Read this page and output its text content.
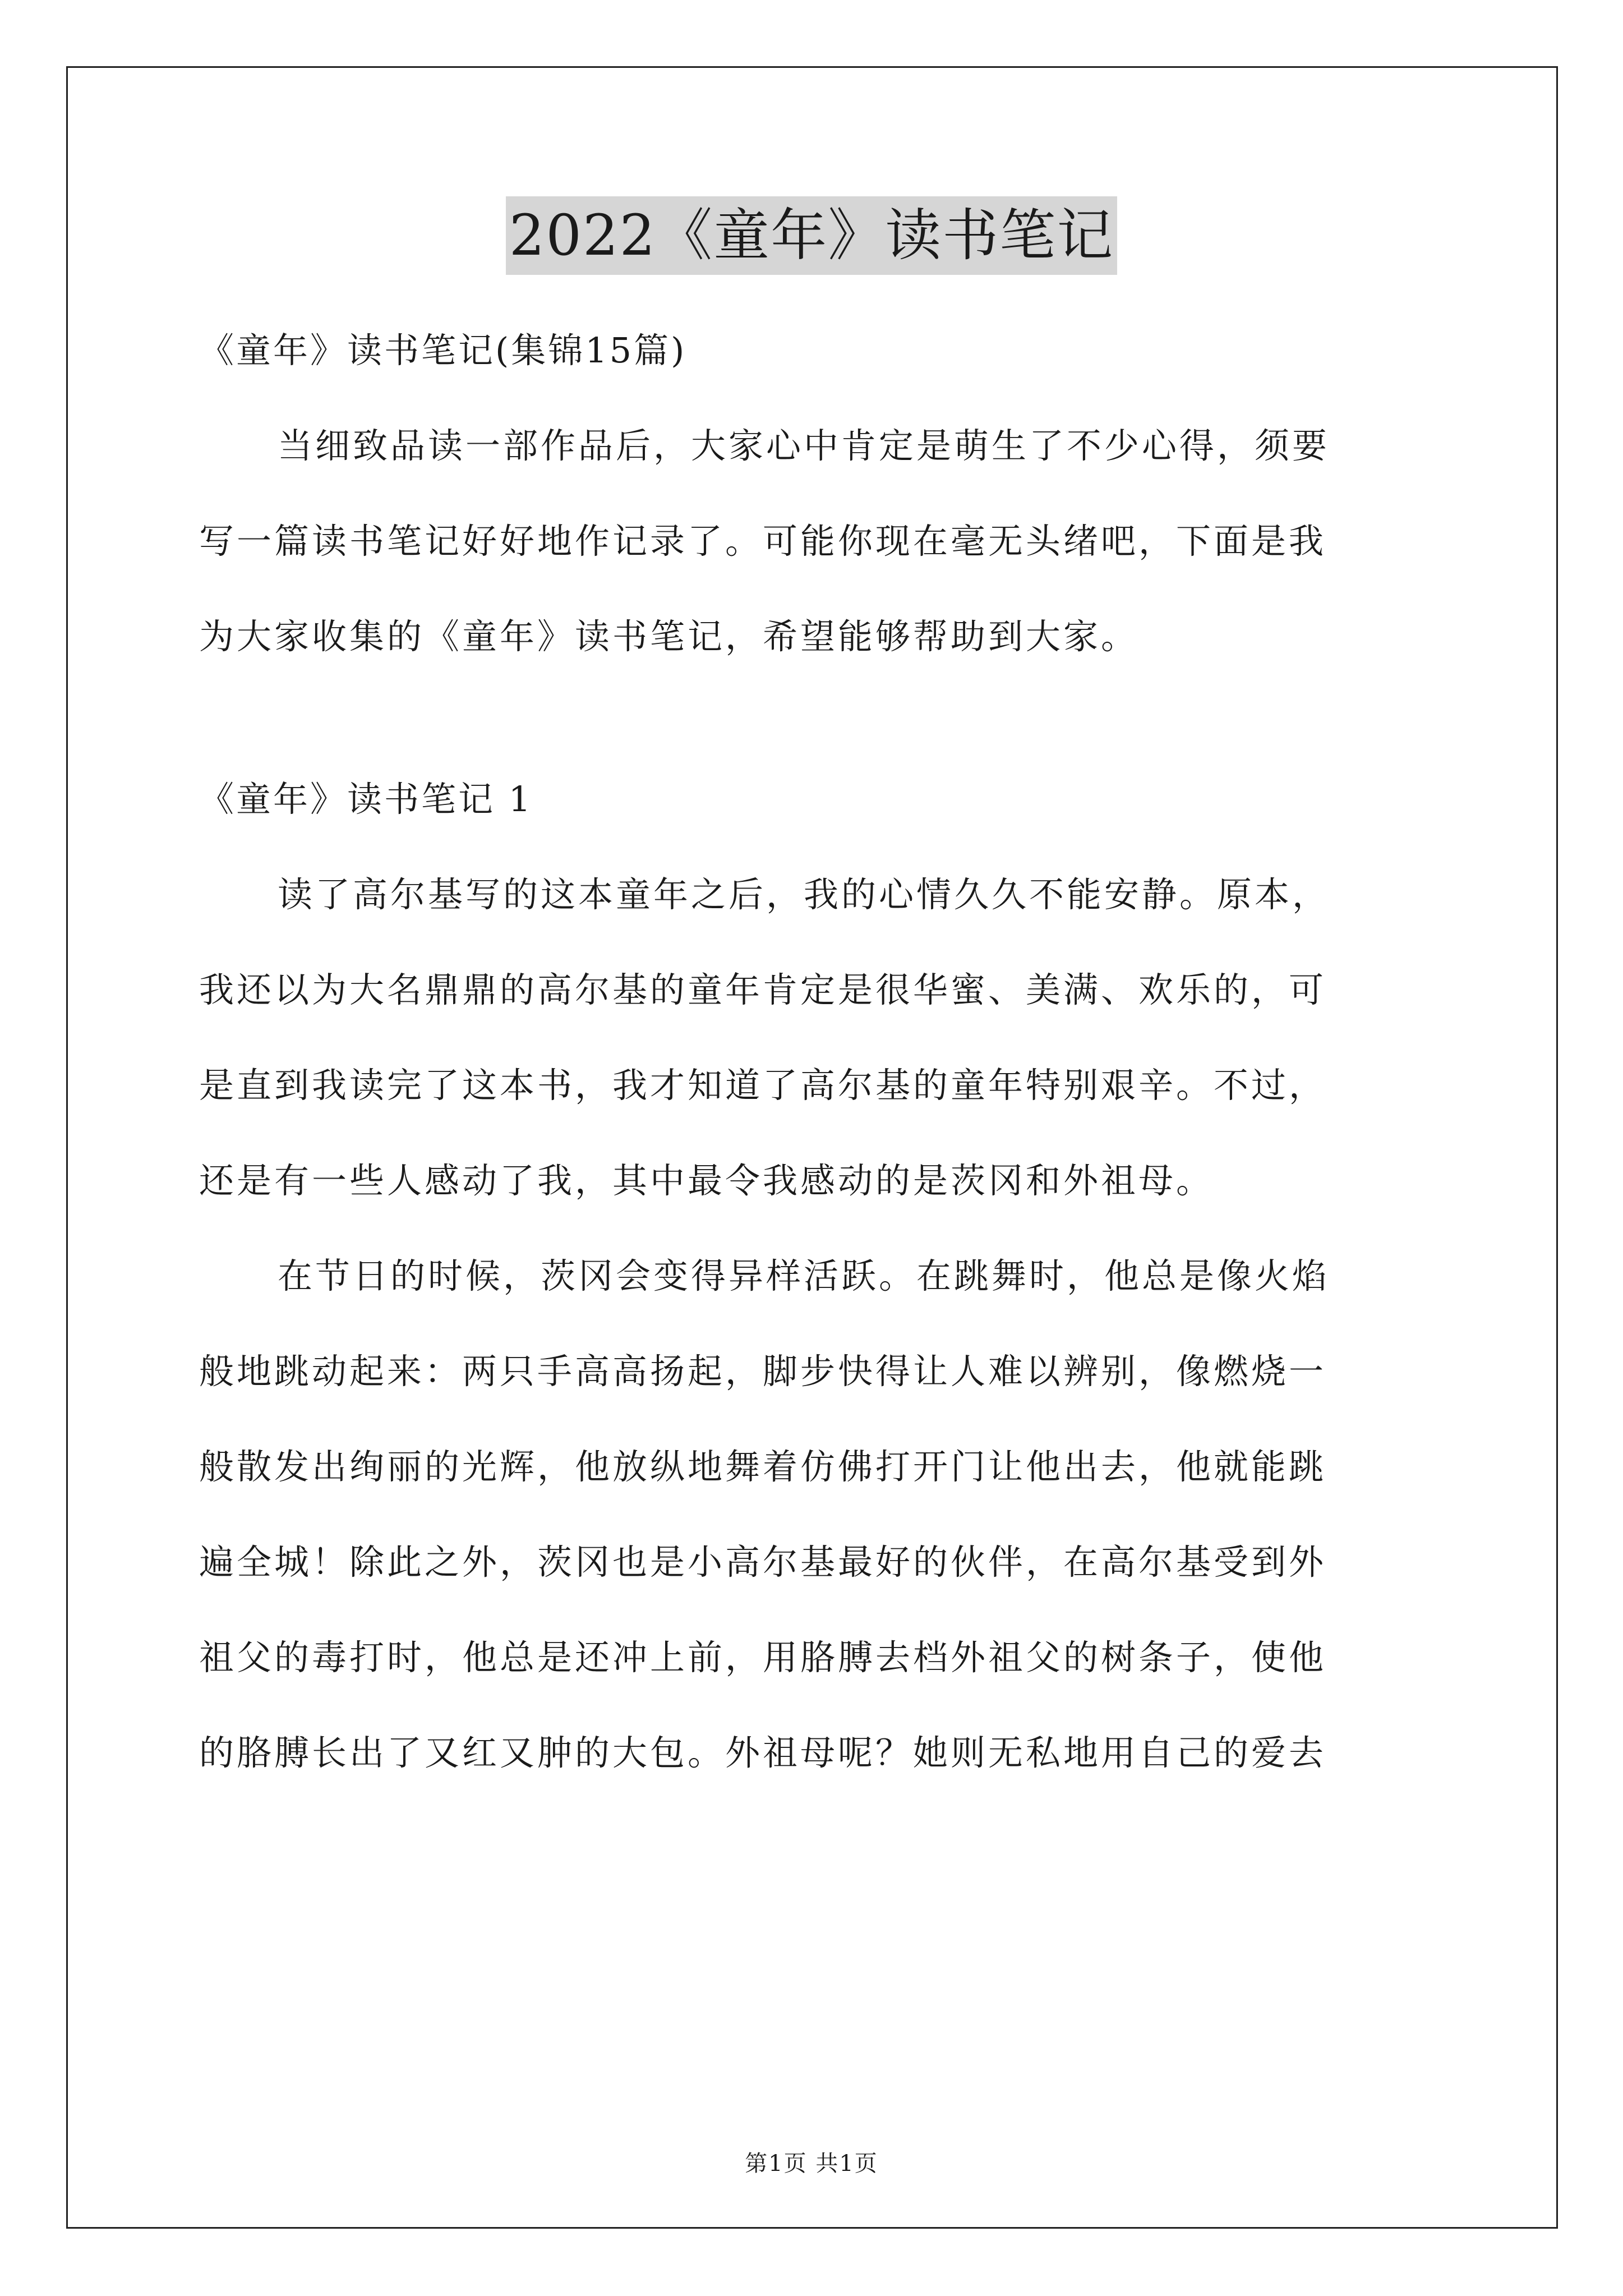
2022《童年》读书笔记
《童年》读书笔记(集锦15篇)
当细致品读一部作品后，大家心中肯定是萌生了不少心得，须要
写一篇读书笔记好好地作记录了。可能你现在毫无头绪吧，下面是我
为大家收集的《童年》读书笔记，希望能够帮助到大家。
《童年》读书笔记 1
读了高尔基写的这本童年之后，我的心情久久不能安静。原本，
我还以为大名鼎鼎的高尔基的童年肯定是很华蜜、美满、欢乐的，可
是直到我读完了这本书，我才知道了高尔基的童年特别艰辛。不过，
还是有一些人感动了我，其中最令我感动的是茨冈和外祖母。
在节日的时候，茨冈会变得异样活跃。在跳舞时，他总是像火焰
般地跳动起来：两只手高高扬起，脚步快得让人难以辨别，像燃烧一
般散发出绚丽的光辉，他放纵地舞着仿佛打开门让他出去，他就能跳
遍全城！除此之外，茨冈也是小高尔基最好的伙伴，在高尔基受到外
祖父的毒打时，他总是还冲上前，用胳膊去档外祖父的树条子，使他
的胳膊长出了又红又肿的大包。外祖母呢？她则无私地用自己的爱去
第1页 共1页
